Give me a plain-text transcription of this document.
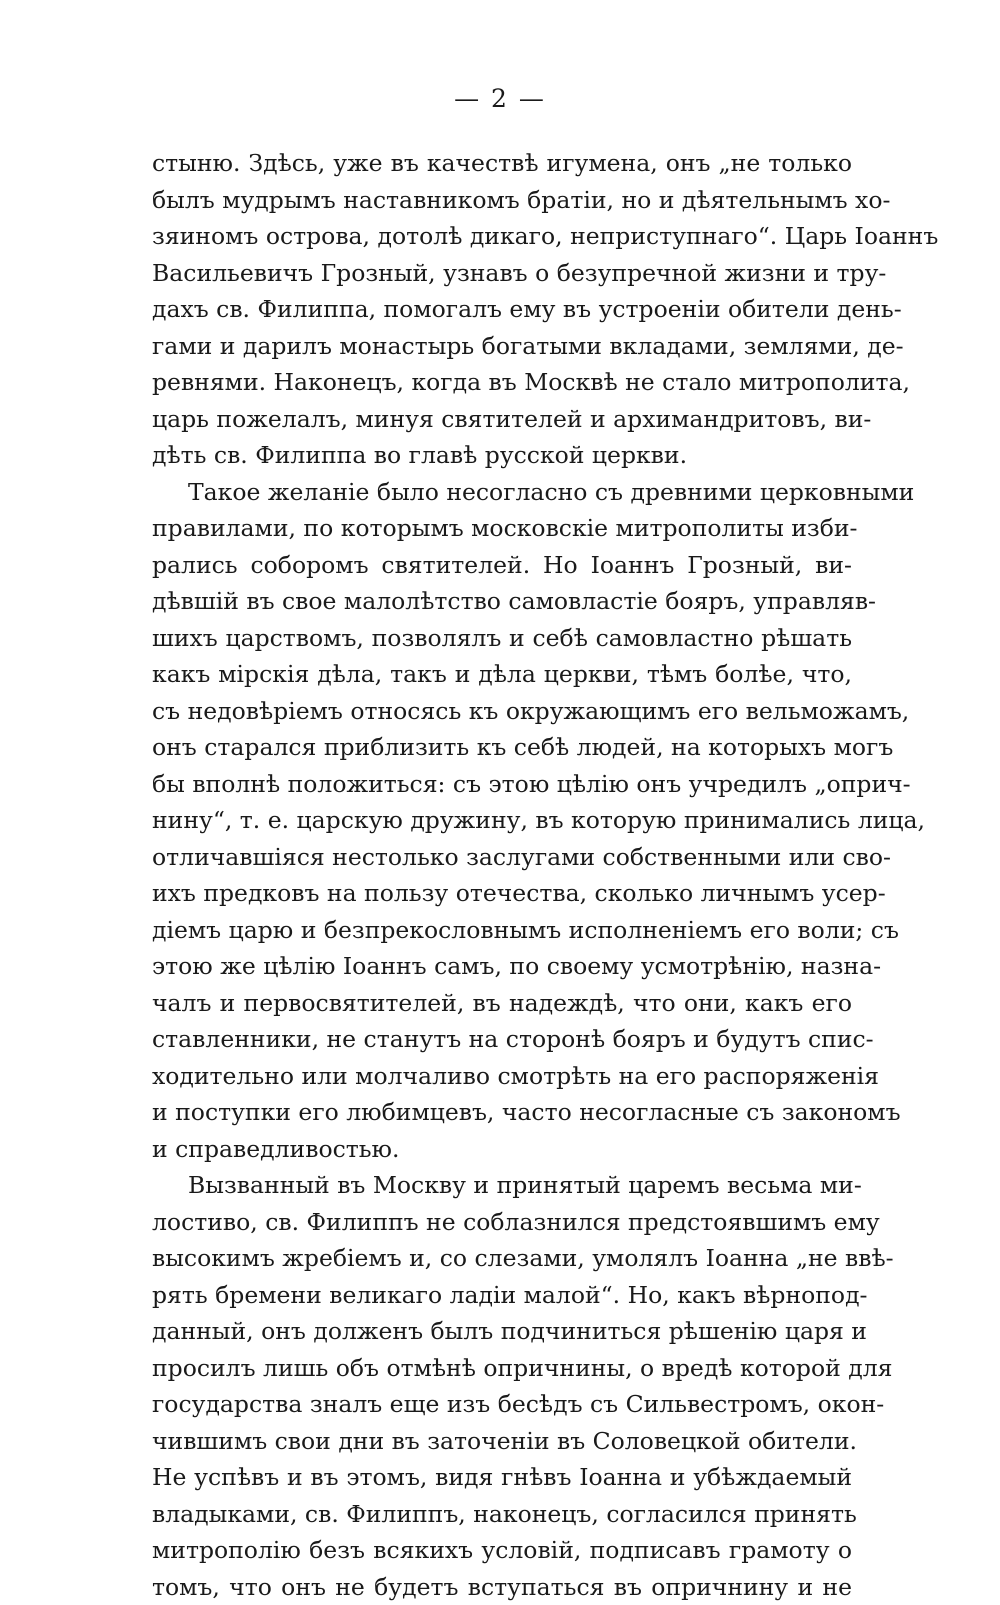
— 2 —
стыню. Здѣсь, уже въ качествѣ игумена, онъ „не только
былъ мудрымъ наставникомъ братіи, но и дѣятельнымъ хо-
зяиномъ острова, дотолѣ дикаго, неприступнаго“. Царь Іоаннъ
Васильевичъ Грозный, узнавъ о безупречной жизни и тру-
дахъ св. Филиппа, помогалъ ему въ устроеніи обители день-
гами и дарилъ монастырь богатыми вкладами, землями, де-
ревнями. Наконецъ, когда въ Москвѣ не стало митрополита,
царь пожелалъ, минуя святителей и архимандритовъ, ви-
дѣть св. Филиппа во главѣ русской церкви.
Такое желаніе было несогласно съ древними церковными
правилами, по которымъ московскіе митрополиты изби-
рались соборомъ святителей. Но Іоаннъ Грозный, ви-
дѣвшій въ свое малолѣтство самовластіе бояръ, управляв-
шихъ царствомъ, позволялъ и себѣ самовластно рѣшать
какъ мірскія дѣла, такъ и дѣла церкви, тѣмъ болѣе, что,
съ недовѣріемъ относясь къ окружающимъ его вельможамъ,
онъ старался приблизить къ себѣ людей, на которыхъ могъ
бы вполнѣ положиться: съ этою цѣлію онъ учредилъ „оприч-
нину“, т. е. царскую дружину, въ которую принимались лица,
отличавшіяся нестолько заслугами собственными или сво-
ихъ предковъ на пользу отечества, сколько личнымъ усер-
діемъ царю и безпрекословнымъ исполненіемъ его воли; съ
этою же цѣлію Іоаннъ самъ, по своему усмотрѣнію, назна-
чалъ и первосвятителей, въ надеждѣ, что они, какъ его
ставленники, не станутъ на сторонѣ бояръ и будутъ спис-
ходительно или молчаливо смотрѣть на его распоряженія
и поступки его любимцевъ, часто несогласные съ закономъ
и справедливостью.
Вызванный въ Москву и принятый царемъ весьма ми-
лостиво, св. Филиппъ не соблазнился предстоявшимъ ему
высокимъ жребіемъ и, со слезами, умолялъ Іоанна „не ввѣ-
рять бремени великаго ладіи малой“. Но, какъ вѣрнопод-
данный, онъ долженъ былъ подчиниться рѣшенію царя и
просилъ лишь объ отмѣнѣ опричнины, о вредѣ которой для
государства зналъ еще изъ бесѣдъ съ Сильвестромъ, окон-
чившимъ свои дни въ заточеніи въ Соловецкой обители.
Не успѣвъ и въ этомъ, видя гнѣвъ Іоанна и убѣждаемый
владыками, св. Филиппъ, наконецъ, согласился принять
митрополію безъ всякихъ условій, подписавъ грамоту о
томъ, что онъ не будетъ вступаться въ опричнину и не
